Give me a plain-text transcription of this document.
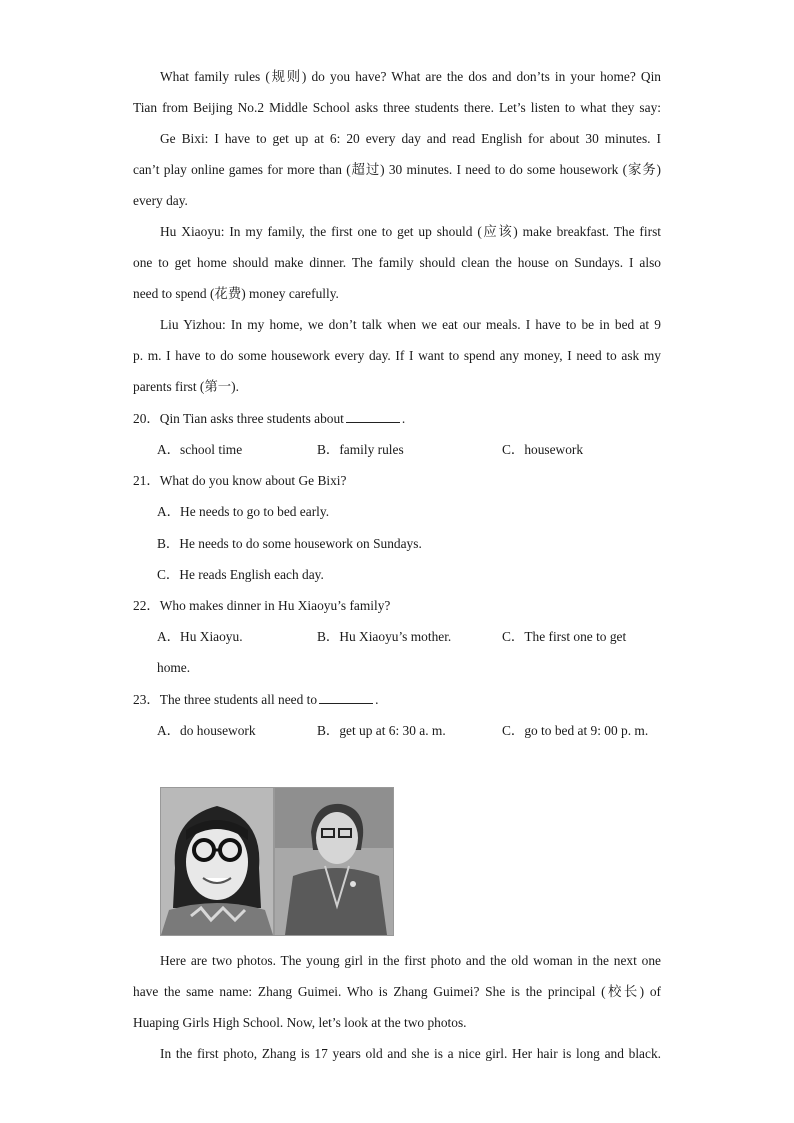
What family rules (规则) do you have? What are the dos and don’ts in your home? Qin
Tian from Beijing No.2 Middle School asks three students there. Let’s listen to what they say:
Ge Bixi: I have to get up at 6: 20 every day and read English for about 30 minutes. I
can’t play online games for more than (超过) 30 minutes. I need to do some housework (家务)
every day.
Hu Xiaoyu: In my family, the first one to get up should (应该) make breakfast. The first
one to get home should make dinner. The family should clean the house on Sundays. I also
need to spend (花费) money carefully.
Liu Yizhou: In my home, we don’t talk when we eat our meals. I have to be in bed at 9
p. m. I have to do some housework every day. If I want to spend any money, I need to ask my
parents first (第一).
20．Qin Tian asks three students about	.
A．school time	B．family rules	C．housework
21．What do you know about Ge Bixi?
A．He needs to go to bed early.
B．He needs to do some housework on Sundays.
C．He reads English each day.
22．Who makes dinner in Hu Xiaoyu’s family?
A．Hu Xiaoyu.	B．Hu Xiaoyu’s mother.	C．The first one to get
home.
23．The three students all need to	.
A．do housework	B．get up at 6: 30 a. m.	C．go to bed at 9: 00 p. m.
Here are two photos. The young girl in the first photo and the old woman in the next one
have the same name: Zhang Guimei. Who is Zhang Guimei? She is the principal (校长) of
Huaping Girls High School. Now, let’s look at the two photos.
In the first photo, Zhang is 17 years old and she is a nice girl. Her hair is long and black.
